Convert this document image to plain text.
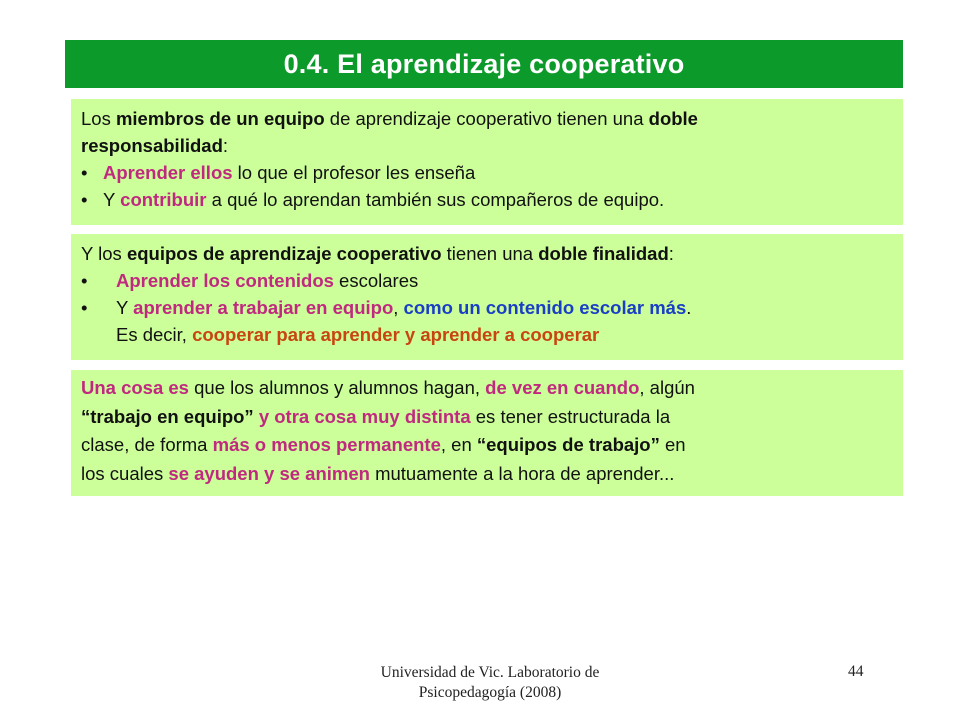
0.4. El aprendizaje cooperativo
Los miembros de un equipo de aprendizaje cooperativo tienen una doble
responsabilidad:
• Aprender ellos lo que el profesor les enseña
• Y contribuir a qué lo aprendan también sus compañeros de equipo.
Y los equipos de aprendizaje cooperativo tienen una doble finalidad:
• Aprender los contenidos escolares
• Y aprender a trabajar en equipo, como un contenido escolar más.
Es decir, cooperar para aprender y aprender a cooperar
Una cosa es que los alumnos y alumnos hagan, de vez en cuando, algún
“trabajo en equipo” y otra cosa muy distinta es tener estructurada la
clase, de forma más o menos permanente, en “equipos de trabajo” en
los cuales se ayuden y se animen mutuamente a la hora de aprender...
Universidad de Vic. Laboratorio de
Psicopedagogía (2008)
44
